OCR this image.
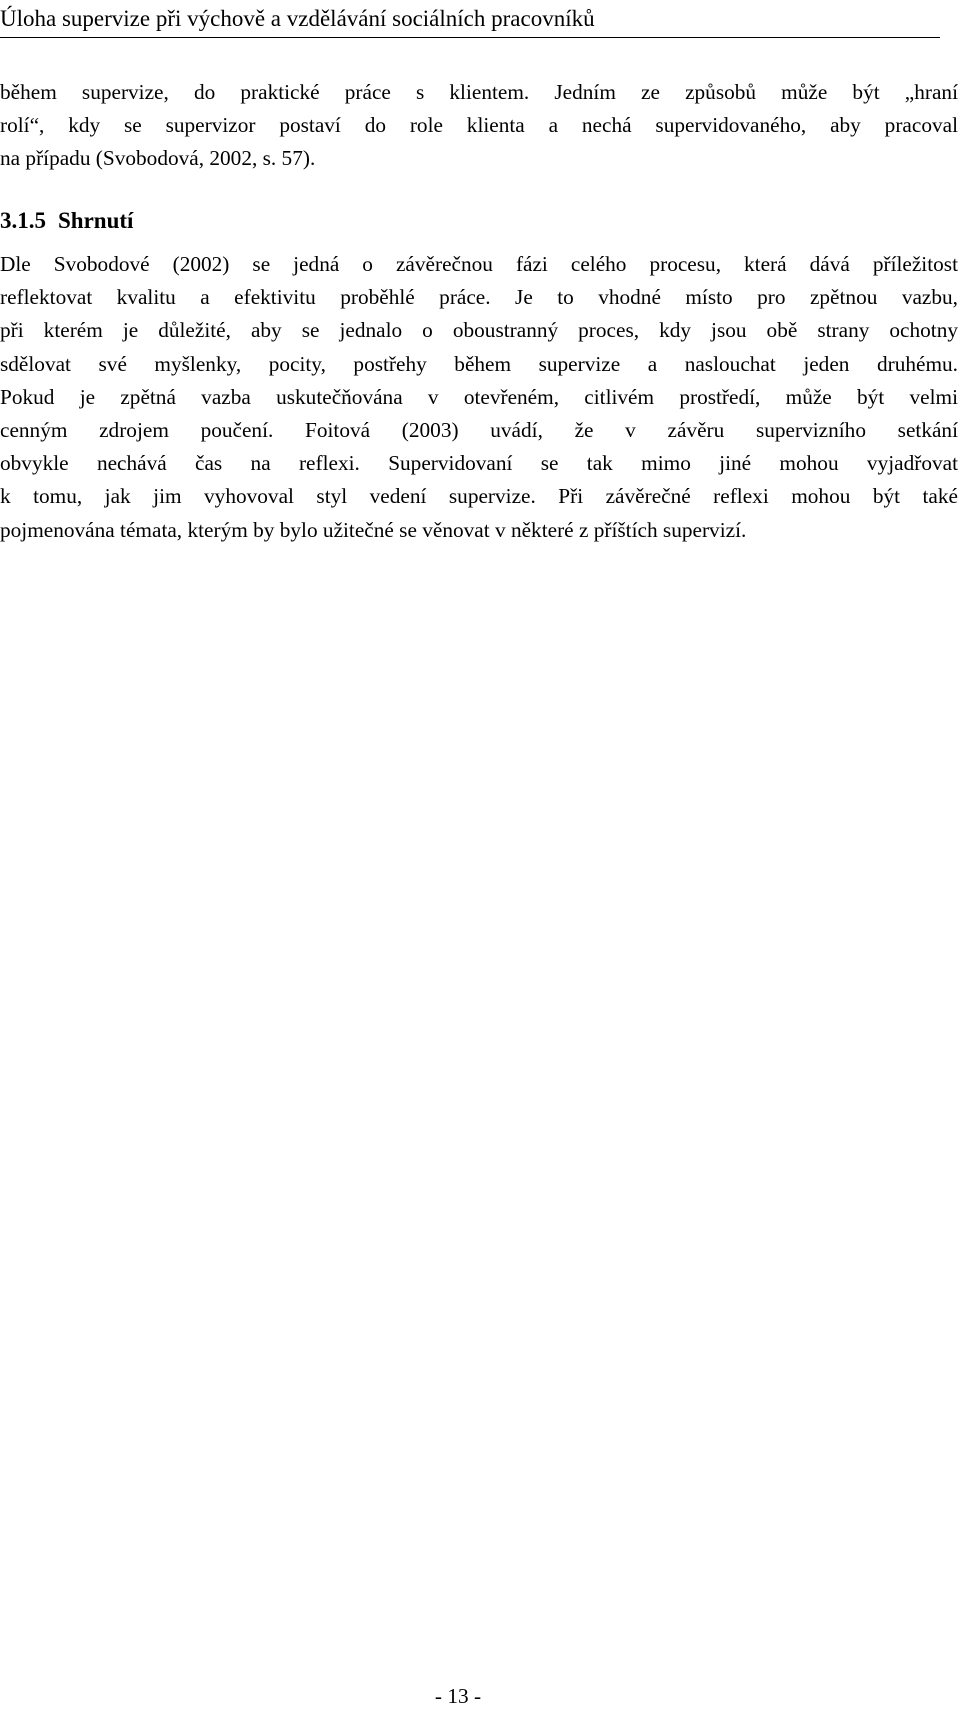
Úloha supervize při výchově a vzdělávání sociálních pracovníků
během supervize, do praktické práce s klientem. Jedním ze způsobů může být „hraní
rolí“, kdy se supervizor postaví do role klienta a nechá supervidovaného, aby pracoval
na případu (Svobodová, 2002, s. 57).
3.1.5 Shrnutí
Dle Svobodové (2002) se jedná o závěrečnou fázi celého procesu, která dává příležitost
reflektovat kvalitu a efektivitu proběhlé práce. Je to vhodné místo pro zpětnou vazbu,
při kterém je důležité, aby se jednalo o oboustranný proces, kdy jsou obě strany ochotny
sdělovat své myšlenky, pocity, postřehy během supervize a naslouchat jeden druhému.
Pokud je zpětná vazba uskutečňována v otevřeném, citlivém prostředí, může být velmi
cenným zdrojem poučení. Foitová (2003) uvádí, že v závěru supervizního setkání
obvykle nechává čas na reflexi. Supervidovaní se tak mimo jiné mohou vyjadřovat
k tomu, jak jim vyhovoval styl vedení supervize. Při závěrečné reflexi mohou být také
pojmenována témata, kterým by bylo užitečné se věnovat v některé z příštích supervizí.
- 13 -
